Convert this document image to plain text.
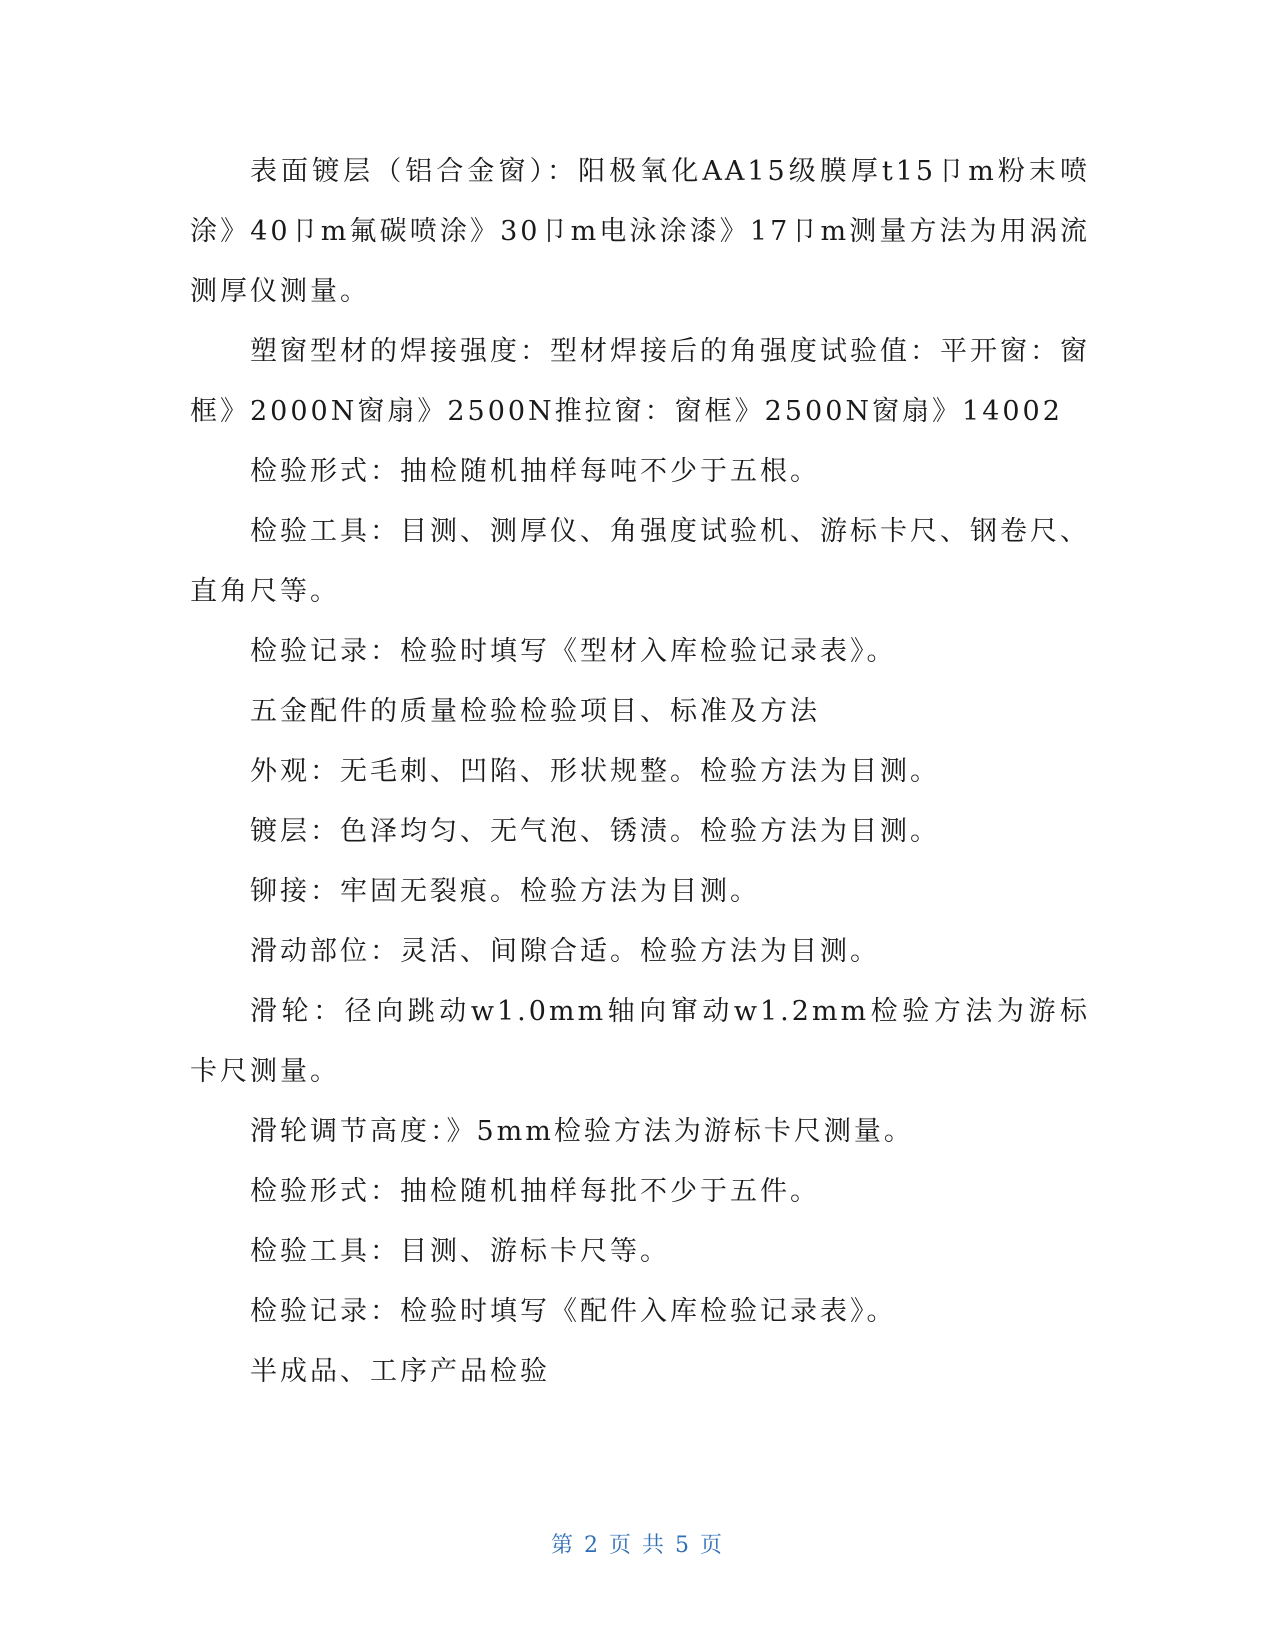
表面镀层（铝合金窗）：阳极氧化AA15级膜厚t15卩m粉末喷涂》40卩m氟碳喷涂》30卩m电泳涂漆》17卩m测量方法为用涡流测厚仪测量。

塑窗型材的焊接强度：型材焊接后的角强度试验值：平开窗：窗框》2000N窗扇》2500N推拉窗：窗框》2500N窗扇》14002

检验形式：抽检随机抽样每吨不少于五根。

检验工具：目测、测厚仪、角强度试验机、游标卡尺、钢卷尺、直角尺等。

检验记录：检验时填写《型材入库检验记录表》。

五金配件的质量检验检验项目、标准及方法

外观：无毛刺、凹陷、形状规整。检验方法为目测。

镀层：色泽均匀、无气泡、锈渍。检验方法为目测。

铆接：牢固无裂痕。检验方法为目测。

滑动部位：灵活、间隙合适。检验方法为目测。

滑轮：径向跳动w1.0mm轴向窜动w1.2mm检验方法为游标卡尺测量。

滑轮调节高度：》5mm检验方法为游标卡尺测量。

检验形式：抽检随机抽样每批不少于五件。

检验工具：目测、游标卡尺等。

检验记录：检验时填写《配件入库检验记录表》。

半成品、工序产品检验

第 2 页 共 5 页
